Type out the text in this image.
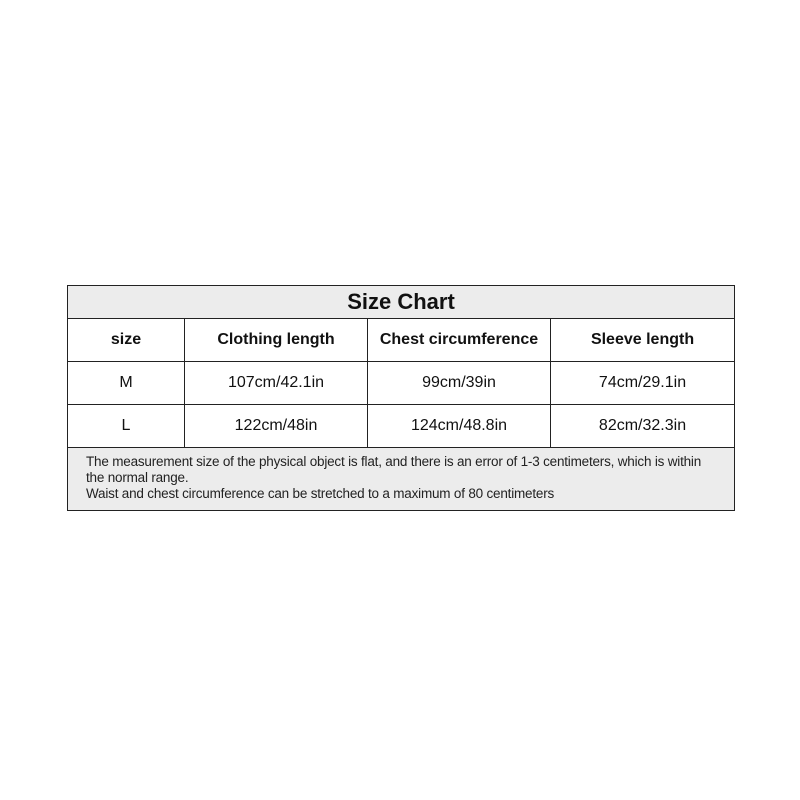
Size Chart			
size	Clothing length	Chest circumference	Sleeve length
M	107cm/42.1in	99cm/39in	74cm/29.1in
L	122cm/48in	124cm/48.8in	82cm/32.3in

The measurement size of the physical object is flat, and there is an error of 1-3 centimeters, which is within the normal range.
Waist and chest circumference can be stretched to a maximum of 80 centimeters			
